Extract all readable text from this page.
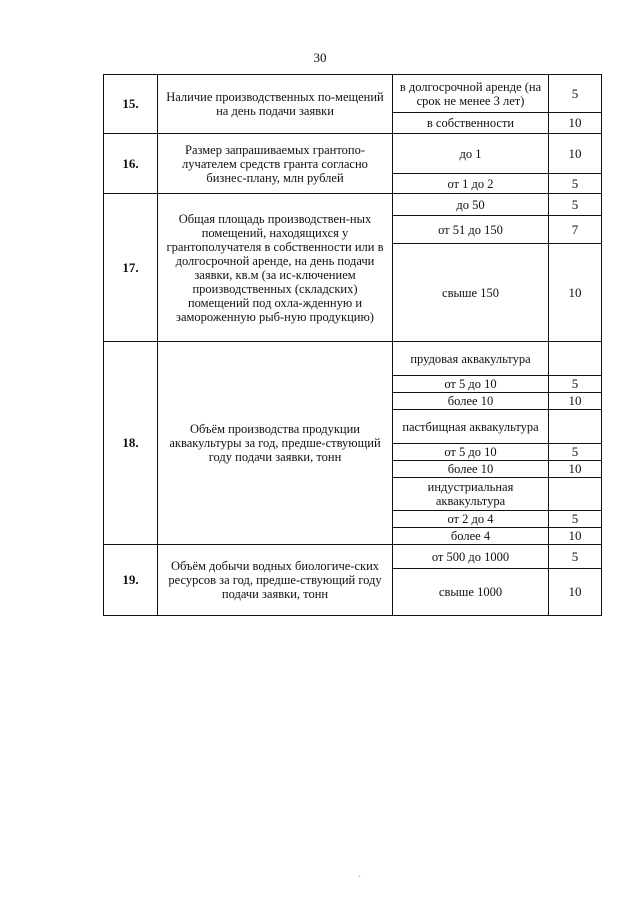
30
15.	Наличие производственных по-мещений на день подачи заявки	в долгосрочной аренде (на срок не менее 3 лет)	5
		в собственности	10
16.	Размер запрашиваемых грантопо-лучателем средств гранта согласно бизнес-плану, млн рублей	до 1	10
		от 1 до 2	5
17.	Общая площадь производствен-ных помещений, находящихся у грантополучателя в собственности или в долгосрочной аренде, на день подачи заявки, кв.м (за ис-ключением производственных (складских) помещений под охла-жденную и замороженную рыб-ную продукцию)	до 50	5
		от 51 до 150	7
		свыше 150	10
18.	Объём производства продукции аквакультуры за год, предше-ствующий году подачи заявки, тонн	прудовая аквакультура	
		от 5 до 10	5
		более 10	10
		пастбищная аквакультура	
		от 5 до 10	5
		более 10	10
		индустриальная аквакультура	
		от 2 до 4	5
		более 4	10
19.	Объём добычи водных биологиче-ских ресурсов за год, предше-ствующий году подачи заявки, тонн	от 500 до 1000	5
		свыше 1000	10
·
